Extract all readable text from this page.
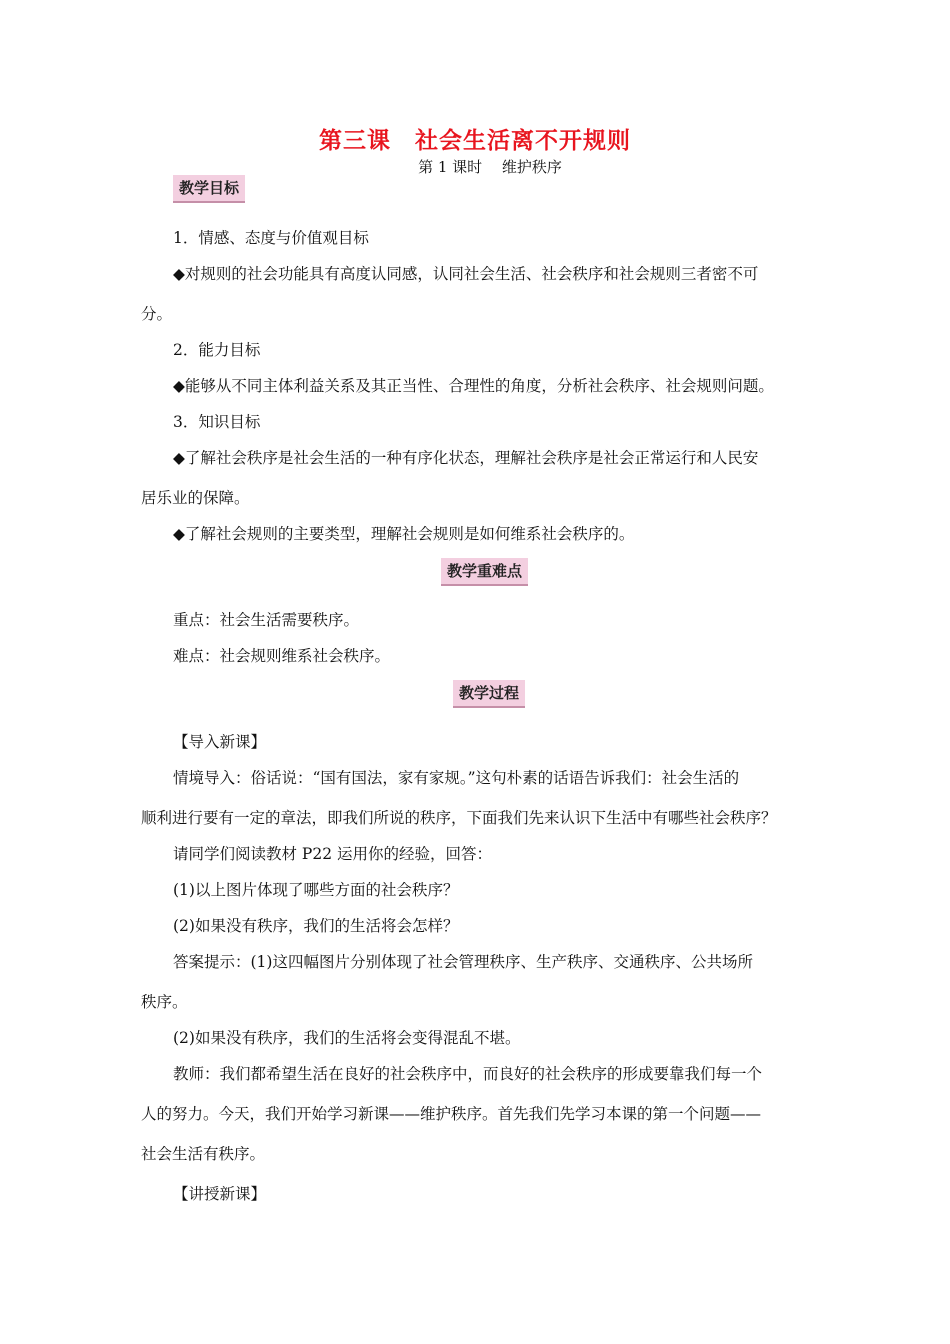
第三课　社会生活离不开规则
第 1 课时　 维护秩序
教学目标
1．情感、态度与价值观目标
◆对规则的社会功能具有高度认同感，认同社会生活、社会秩序和社会规则三者密不可
分。
2．能力目标
◆能够从不同主体利益关系及其正当性、合理性的角度，分析社会秩序、社会规则问题。
3．知识目标
◆了解社会秩序是社会生活的一种有序化状态，理解社会秩序是社会正常运行和人民安
居乐业的保障。
◆了解社会规则的主要类型，理解社会规则是如何维系社会秩序的。
教学重难点
重点：社会生活需要秩序。
难点：社会规则维系社会秩序。
教学过程
【导入新课】
情境导入：俗话说：“国有国法，家有家规。”这句朴素的话语告诉我们：社会生活的
顺利进行要有一定的章法，即我们所说的秩序，下面我们先来认识下生活中有哪些社会秩序？
请同学们阅读教材 P22 运用你的经验，回答：
(1)以上图片体现了哪些方面的社会秩序？
(2)如果没有秩序，我们的生活将会怎样？
答案提示：(1)这四幅图片分别体现了社会管理秩序、生产秩序、交通秩序、公共场所
秩序。
(2)如果没有秩序，我们的生活将会变得混乱不堪。
教师：我们都希望生活在良好的社会秩序中，而良好的社会秩序的形成要靠我们每一个
人的努力。今天，我们开始学习新课——维护秩序。首先我们先学习本课的第一个问题——
社会生活有秩序。
【讲授新课】
